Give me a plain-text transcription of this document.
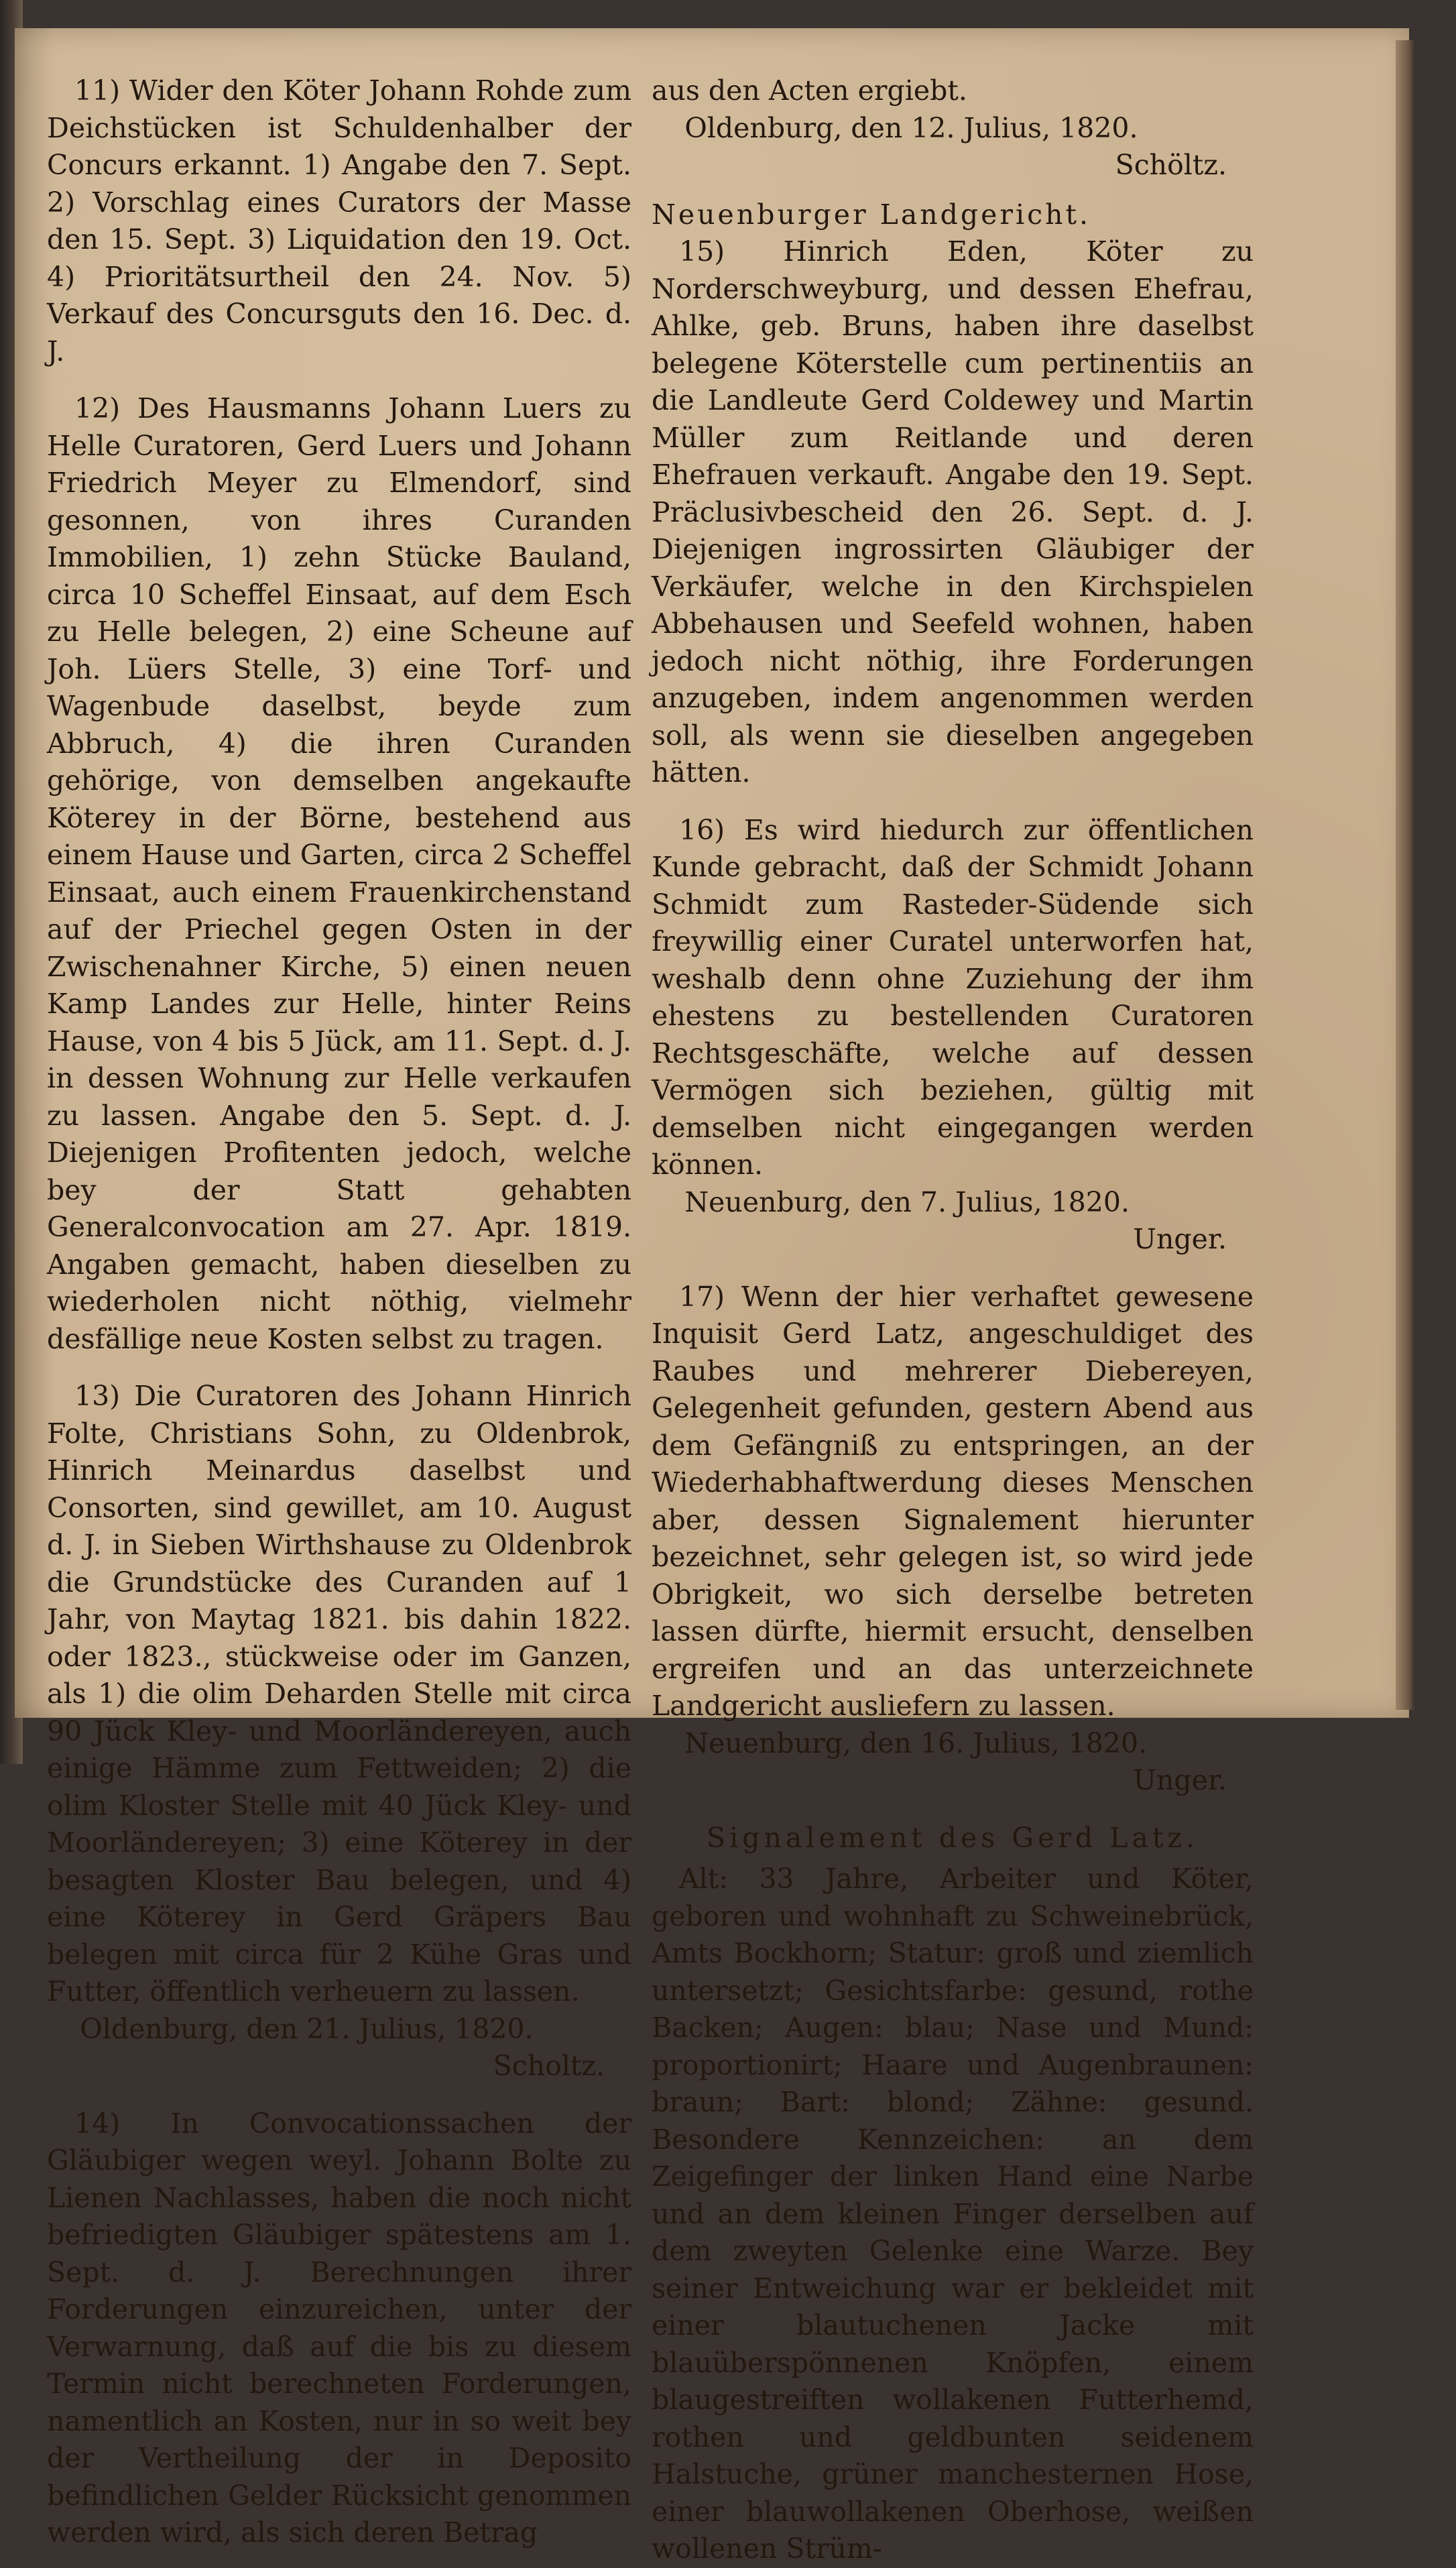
11) Wider den Köter Johann Rohde zum Deichstücken ist Schuldenhalber der Concurs erkannt. 1) Angabe den 7. Sept. 2) Vorschlag eines Curators der Masse den 15. Sept. 3) Liquidation den 19. Oct. 4) Prioritätsurtheil den 24. Nov. 5) Verkauf des Concursguts den 16. Dec. d. J.

12) Des Hausmanns Johann Luers zu Helle Curatoren, Gerd Luers und Johann Friedrich Meyer zu Elmendorf, sind gesonnen, von ihres Curanden Immobilien, 1) zehn Stücke Bauland, circa 10 Scheffel Einsaat, auf dem Esch zu Helle belegen, 2) eine Scheune auf Joh. Lüers Stelle, 3) eine Torf- und Wagenbude daselbst, beyde zum Abbruch, 4) die ihren Curanden gehörige, von demselben angekaufte Köterey in der Börne, bestehend aus einem Hause und Garten, circa 2 Scheffel Einsaat, auch einem Frauenkirchenstand auf der Priechel gegen Osten in der Zwischenahner Kirche, 5) einen neuen Kamp Landes zur Helle, hinter Reins Hause, von 4 bis 5 Jück, am 11. Sept. d. J. in dessen Wohnung zur Helle verkaufen zu lassen. Angabe den 5. Sept. d. J. Diejenigen Profitenten jedoch, welche bey der Statt gehabten Generalconvocation am 27. Apr. 1819. Angaben gemacht, haben dieselben zu wiederholen nicht nöthig, vielmehr desfällige neue Kosten selbst zu tragen.

13) Die Curatoren des Johann Hinrich Folte, Christians Sohn, zu Oldenbrok, Hinrich Meinardus daselbst und Consorten, sind gewillet, am 10. August d. J. in Sieben Wirthshause zu Oldenbrok die Grundstücke des Curanden auf 1 Jahr, von Maytag 1821. bis dahin 1822. oder 1823., stückweise oder im Ganzen, als 1) die olim Deharden Stelle mit circa 90 Jück Kley- und Moorländereyen, auch einige Hämme zum Fettweiden; 2) die olim Kloster Stelle mit 40 Jück Kley- und Moorländereyen; 3) eine Köterey in der besagten Kloster Bau belegen, und 4) eine Köterey in Gerd Gräpers Bau belegen mit circa für 2 Kühe Gras und Futter, öffentlich verheuern zu lassen.

Oldenburg, den 21. Julius, 1820.

Scholtz.

14) In Convocationssachen der Gläubiger wegen weyl. Johann Bolte zu Lienen Nachlasses, haben die noch nicht befriedigten Gläubiger spätestens am 1. Sept. d. J. Berechnungen ihrer Forderungen einzureichen, unter der Verwarnung, daß auf die bis zu diesem Termin nicht berechneten Forderungen, namentlich an Kosten, nur in so weit bey der Vertheilung der in Deposito befindlichen Gelder Rücksicht genommen werden wird, als sich deren Betrag

aus den Acten ergiebt.

Oldenburg, den 12. Julius, 1820.

Schöltz.

Neuenburger Landgericht.

15) Hinrich Eden, Köter zu Norderschweyburg, und dessen Ehefrau, Ahlke, geb. Bruns, haben ihre daselbst belegene Köterstelle cum pertinentiis an die Landleute Gerd Coldewey und Martin Müller zum Reitlande und deren Ehefrauen verkauft. Angabe den 19. Sept. Präclusivbescheid den 26. Sept. d. J. Diejenigen ingrossirten Gläubiger der Verkäufer, welche in den Kirchspielen Abbehausen und Seefeld wohnen, haben jedoch nicht nöthig, ihre Forderungen anzugeben, indem angenommen werden soll, als wenn sie dieselben angegeben hätten.

16) Es wird hiedurch zur öffentlichen Kunde gebracht, daß der Schmidt Johann Schmidt zum Rasteder-Südende sich freywillig einer Curatel unterworfen hat, weshalb denn ohne Zuziehung der ihm ehestens zu bestellenden Curatoren Rechtsgeschäfte, welche auf dessen Vermögen sich beziehen, gültig mit demselben nicht eingegangen werden können.

Neuenburg, den 7. Julius, 1820.

Unger.

17) Wenn der hier verhaftet gewesene Inquisit Gerd Latz, angeschuldiget des Raubes und mehrerer Diebereyen, Gelegenheit gefunden, gestern Abend aus dem Gefängniß zu entspringen, an der Wiederhabhaftwerdung dieses Menschen aber, dessen Signalement hierunter bezeichnet, sehr gelegen ist, so wird jede Obrigkeit, wo sich derselbe betreten lassen dürfte, hiermit ersucht, denselben ergreifen und an das unterzeichnete Landgericht ausliefern zu lassen.

Neuenburg, den 16. Julius, 1820.

Unger.

Signalement des Gerd Latz.

Alt: 33 Jahre, Arbeiter und Köter, geboren und wohnhaft zu Schweinebrück, Amts Bockhorn; Statur: groß und ziemlich untersetzt; Gesichtsfarbe: gesund, rothe Backen; Augen: blau; Nase und Mund: proportionirt; Haare und Augenbraunen: braun; Bart: blond; Zähne: gesund. Besondere Kennzeichen: an dem Zeigefinger der linken Hand eine Narbe und an dem kleinen Finger derselben auf dem zweyten Gelenke eine Warze. Bey seiner Entweichung war er bekleidet mit einer blautuchenen Jacke mit blauüberspönnenen Knöpfen, einem blaugestreiften wollakenen Futterhemd, rothen und geldbunten seidenem Halstuche, grüner manchesternen Hose, einer blauwollakenen Oberhose, weißen wollenen Strüm-
